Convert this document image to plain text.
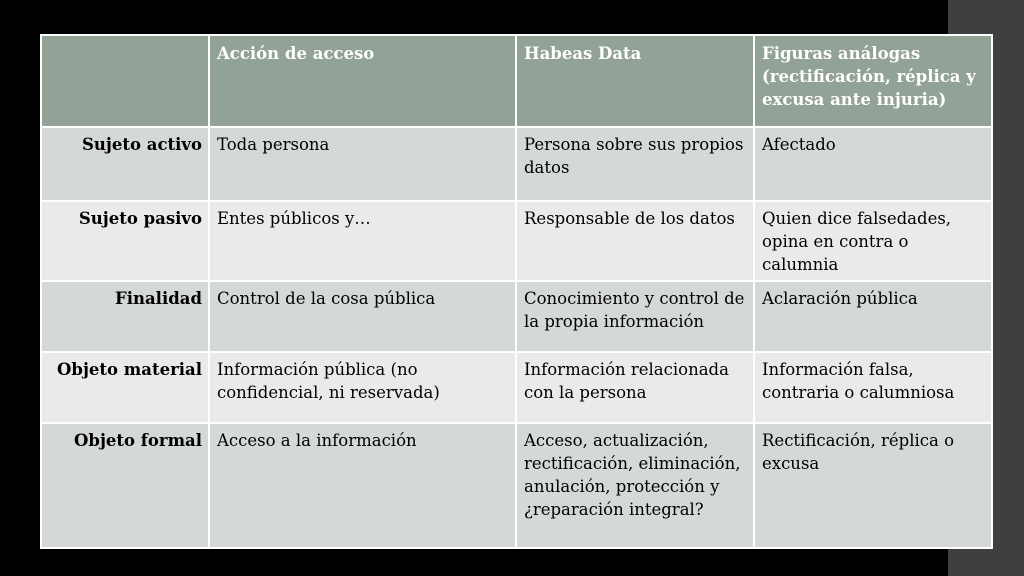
	Acción de acceso	Habeas Data	Figuras análogas (rectificación, réplica y excusa ante injuria)
Sujeto activo	Toda persona	Persona sobre sus propios datos	Afectado
Sujeto pasivo	Entes públicos y…	Responsable de los datos	Quien dice falsedades, opina en contra o calumnia
Finalidad	Control de la cosa pública	Conocimiento y control de la propia información	Aclaración pública
Objeto material	Información pública (no confidencial, ni reservada)	Información relacionada con la persona	Información falsa, contraria o calumniosa
Objeto formal	Acceso a la información	Acceso, actualización, rectificación, eliminación, anulación, protección y ¿reparación integral?	Rectificación, réplica o excusa
